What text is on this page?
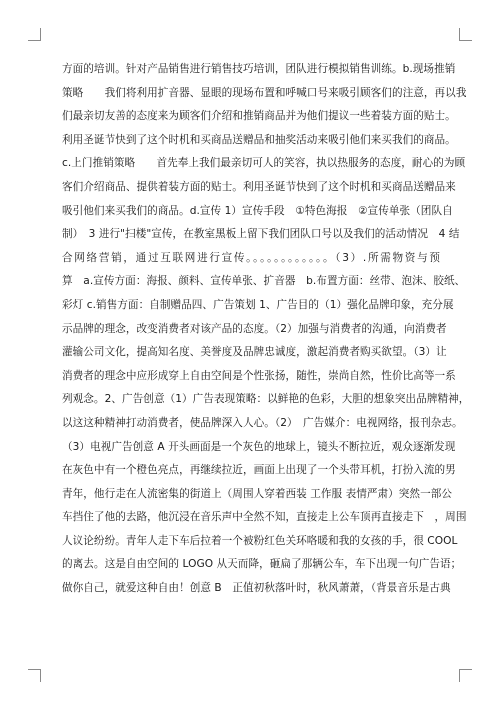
方面的培训。针对产品销售进行销售技巧培训，团队进行模拟销售训练。b.现场推销
策略　　我们将利用扩音器、显眼的现场布置和呼喊口号来吸引顾客们的注意，再以我
们最亲切友善的态度来为顾客们介绍和推销商品并为他们提议一些着装方面的贴士。
利用圣诞节快到了这个时机和买商品送赠品和抽奖活动来吸引他们来买我们的商品。
c.上门推销策略　　首先奉上我们最亲切可人的笑容，执以热服务的态度，耐心的为顾
客们介绍商品、提供着装方面的贴士。利用圣诞节快到了这个时机和买商品送赠品来
吸引他们来买我们的商品。d.宣传 1）宣传手段　①特色海报　②宣传单张（团队自
制）　3 进行"扫楼"宣传，在教室黑板上留下我们团队口号以及我们的活动情况　4 结
合网络营销，通过互联网进行宣传。。。。。。。。。。。。（3）.所需物资与预
算　a.宣传方面：海报、颜料、宣传单张、扩音器　b.布置方面：丝带、泡沫、胶纸、
彩灯 c.销售方面：自制赠品四、广告策划 1、广告目的（1）强化品牌印象，充分展
示品牌的理念，改变消费者对该产品的态度。（2）加强与消费者的沟通，向消费者
灌输公司文化，提高知名度、美誉度及品牌忠诚度，激起消费者购买欲望。（3）让
消费者的理念中应形成穿上自由空间是个性张扬，随性，崇尚自然，性价比高等一系
列观念。2、广告创意（1）广告表现策略：以鲜艳的色彩，大胆的想象突出品牌精神，
以这这种精神打动消费者，使品牌深入人心。（2）　广告媒介：电视网络，报刊杂志。
（3）电视广告创意 A 开头画面是一个灰色的地球上，镜头不断拉近，观众逐渐发现
在灰色中有一个橙色亮点，再继续拉近，画面上出现了一个头带耳机，打扮入流的男
青年，他行走在人流密集的街道上（周围人穿着西装 工作服 表情严肃）突然一部公
车挡住了他的去路，他沉浸在音乐声中全然不知，直接走上公车顶再直接走下　，周围
人议论纷纷。青年人走下车后拉着一个被粉红色关环咯暖和我的女孩的手，很 COOL
的离去。这是自由空间的 LOGO 从天而降，砸扁了那辆公车，车下出现一句广告语；
做你自己，就爱这种自由！创意 B　正值初秋落叶时，秋风萧萧，（背景音乐是古典
